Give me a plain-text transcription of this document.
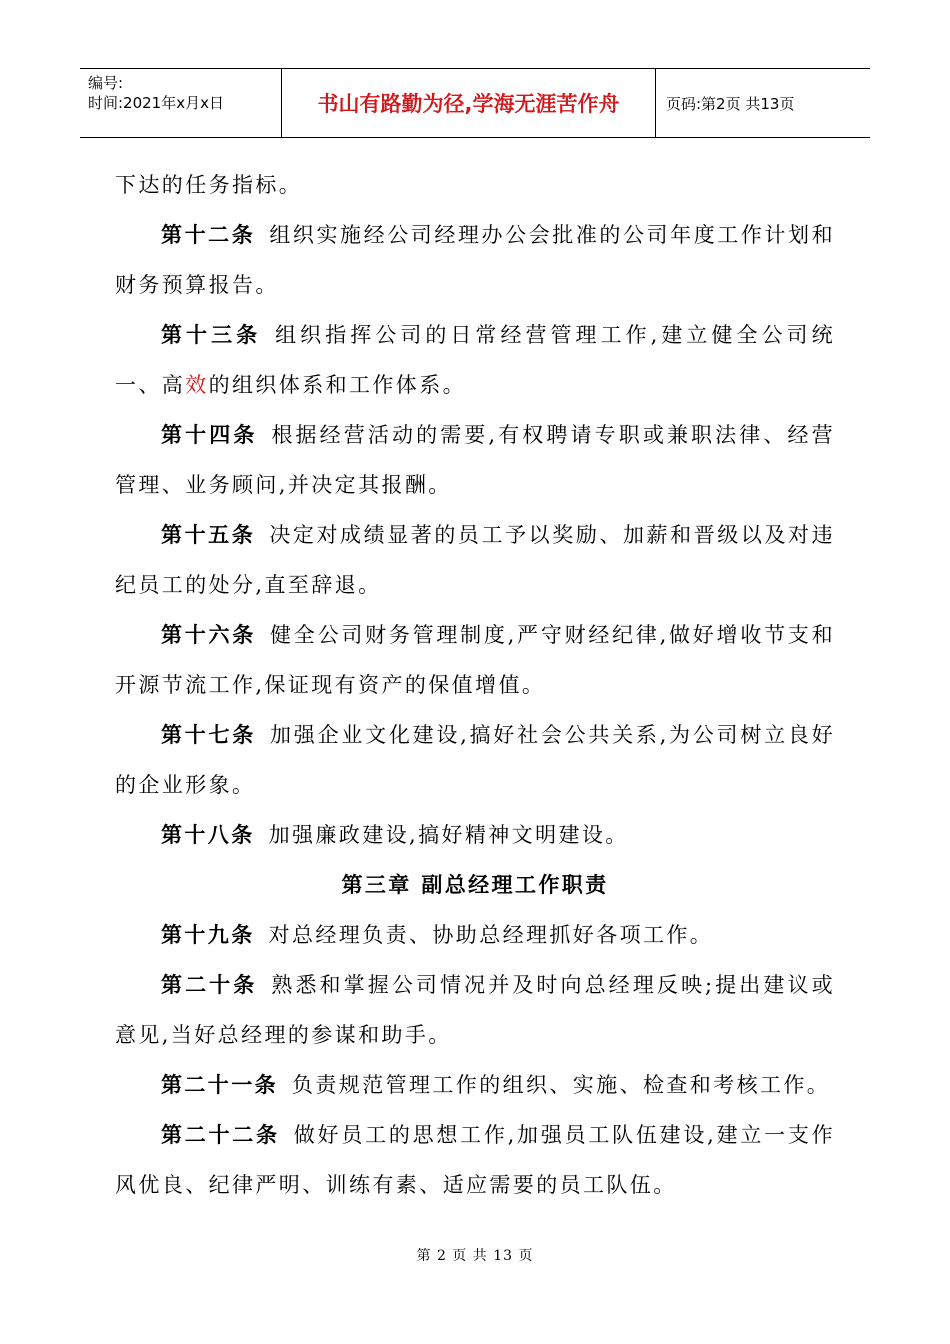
编号:
时间:2021年x月x日	书山有路勤为径,学海无涯苦作舟	页码:第2页 共13页

下达的任务指标。

第十二条 组织实施经公司经理办公会批准的公司年度工作计划和财务预算报告。

第十三条 组织指挥公司的日常经营管理工作,建立健全公司统一、高效的组织体系和工作体系。

第十四条 根据经营活动的需要,有权聘请专职或兼职法律、经营管理、业务顾问,并决定其报酬。

第十五条 决定对成绩显著的员工予以奖励、加薪和晋级以及对违纪员工的处分,直至辞退。

第十六条 健全公司财务管理制度,严守财经纪律,做好增收节支和开源节流工作,保证现有资产的保值增值。

第十七条 加强企业文化建设,搞好社会公共关系,为公司树立良好的企业形象。

第十八条 加强廉政建设,搞好精神文明建设。

第三章 副总经理工作职责

第十九条 对总经理负责、协助总经理抓好各项工作。

第二十条 熟悉和掌握公司情况并及时向总经理反映;提出建议或意见,当好总经理的参谋和助手。

第二十一条 负责规范管理工作的组织、实施、检查和考核工作。

第二十二条 做好员工的思想工作,加强员工队伍建设,建立一支作风优良、纪律严明、训练有素、适应需要的员工队伍。

第 2 页 共 13 页
